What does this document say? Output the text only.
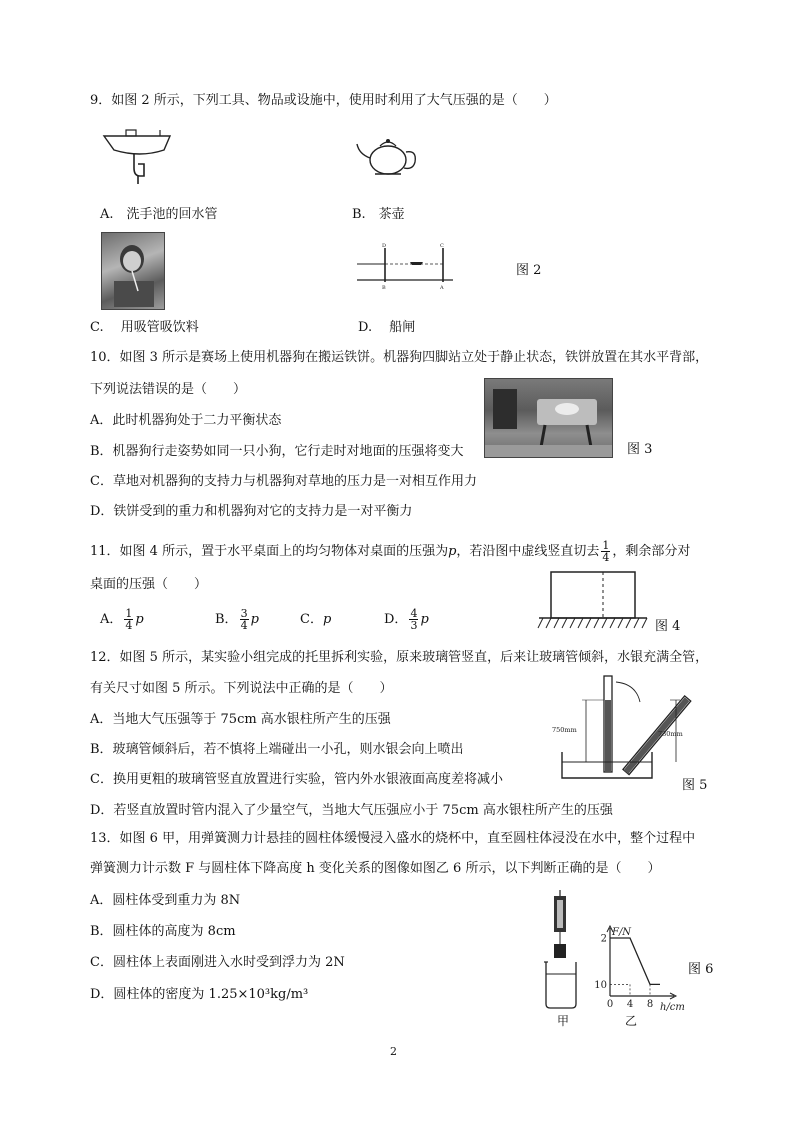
9．如图 2 所示，下列工具、物品或设施中，使用时利用了大气压强的是（　　）
A.　洗手池的回水管	B.　茶壶
D	C
B	A
图 2
C.　 用吸管吸饮料	D.　 船闸
10．如图 3 所示是赛场上使用机器狗在搬运铁饼。机器狗四脚站立处于静止状态，铁饼放置在其水平背部，
下列说法错误的是（　　）
A．此时机器狗处于二力平衡状态
图 3
B．机器狗行走姿势如同一只小狗，它行走时对地面的压强将变大
C．草地对机器狗的支持力与机器狗对草地的压力是一对相互作用力
D．铁饼受到的重力和机器狗对它的支持力是一对平衡力
11．如图 4 所示，置于水平桌面上的均匀物体对桌面的压强为p，若沿图中虚线竖直切去 $\frac{1}{4}$ ，剩余部分对
桌面的压强（　　）
A． $\frac{1}{4}$ p	B． $\frac{3}{4}$ p	C．p	D． $\frac{4}{3}$ p	图 4
12．如图 5 所示，某实验小组完成的托里拆利实验，原来玻璃管竖直，后来让玻璃管倾斜，水银充满全管，
有关尺寸如图 5 所示。下列说法中正确的是（　　）
A．当地大气压强等于 75cm 高水银柱所产生的压强
B．玻璃管倾斜后，若不慎将上端碰出一小孔，则水银会向上喷出
C．换用更粗的玻璃管竖直放置进行实验，管内外水银液面高度差将减小
D．若竖直放置时管内混入了少量空气，当地大气压强应小于 75cm 高水银柱所产生的压强
750mm	730mm
图 5
13．如图 6 甲，用弹簧测力计悬挂的圆柱体缓慢浸入盛水的烧杯中，直至圆柱体浸没在水中，整个过程中
弹簧测力计示数 F 与圆柱体下降高度 h 变化关系的图像如图乙 6 所示，以下判断正确的是（　　）
A．圆柱体受到重力为 8N
B．圆柱体的高度为 8cm
C．圆柱体上表面刚进入水时受到浮力为 2N
D．圆柱体的密度为 1.25×10³kg/m³
甲
F/N
h/cm
10
2
0 4 8
乙
图 6
2
